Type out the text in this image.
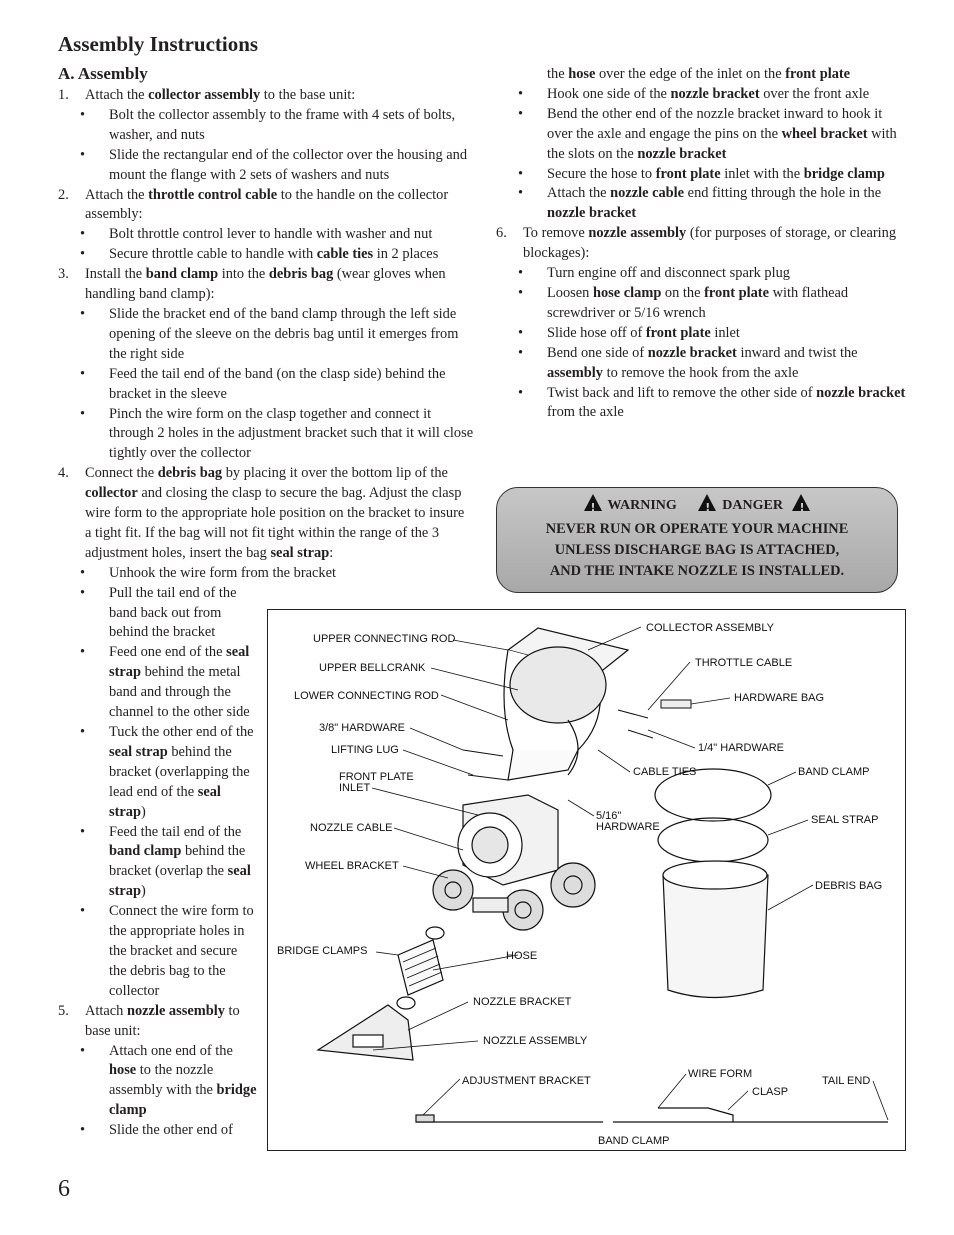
Assembly Instructions
A. Assembly
1. Attach the collector assembly to the base unit:
• Bolt the collector assembly to the frame with 4 sets of bolts, washer, and nuts
• Slide the rectangular end of the collector over the housing and mount the flange with 2 sets of washers and nuts
2. Attach the throttle control cable to the handle on the collector assembly:
• Bolt throttle control lever to handle with washer and nut
• Secure throttle cable to handle with cable ties in 2 places
3. Install the band clamp into the debris bag (wear gloves when handling band clamp):
• Slide the bracket end of the band clamp through the left side opening of the sleeve on the debris bag until it emerges from the right side
• Feed the tail end of the band (on the clasp side) behind the bracket in the sleeve
• Pinch the wire form on the clasp together and connect it through 2 holes in the adjustment bracket such that it will close tightly over the collector
4. Connect the debris bag by placing it over the bottom lip of the collector and closing the clasp to secure the bag. Adjust the clasp wire form to the appropriate hole position on the bracket to insure a tight fit. If the bag will not fit tight within the range of the 3 adjustment holes, insert the bag seal strap:
• Unhook the wire form from the bracket
• Pull the tail end of the band back out from behind the bracket
• Feed one end of the seal strap behind the metal band and through the channel to the other side
• Tuck the other end of the seal strap behind the bracket (overlapping the lead end of the seal strap)
• Feed the tail end of the band clamp behind the bracket (overlap the seal strap)
• Connect the wire form to the appropriate holes in the bracket and secure the debris bag to the collector
5. Attach nozzle assembly to base unit:
• Attach one end of the hose to the nozzle assembly with the bridge clamp
• Slide the other end of
the hose over the edge of the inlet on the front plate
• Hook one side of the nozzle bracket over the front axle
• Bend the other end of the nozzle bracket inward to hook it over the axle and engage the pins on the wheel bracket with the slots on the nozzle bracket
• Secure the hose to front plate inlet with the bridge clamp
• Attach the nozzle cable end fitting through the hole in the nozzle bracket
6. To remove nozzle assembly (for purposes of storage, or clearing blockages):
• Turn engine off and disconnect spark plug
• Loosen hose clamp on the front plate with flathead screwdriver or 5/16 wrench
• Slide hose off of front plate inlet
• Bend one side of nozzle bracket inward and twist the assembly to remove the hook from the axle
• Twist back and lift to remove the other side of nozzle bracket from the axle
! WARNING	! DANGER !
NEVER RUN OR OPERATE YOUR MACHINE
UNLESS DISCHARGE BAG IS ATTACHED,
AND THE INTAKE NOZZLE IS INSTALLED.
UPPER CONNECTING ROD
UPPER BELLCRANK
LOWER CONNECTING ROD
3/8" HARDWARE
LIFTING LUG
FRONT PLATE
INLET
NOZZLE CABLE
WHEEL BRACKET
BRIDGE CLAMPS	HOSE
NOZZLE BRACKET
NOZZLE ASSEMBLY
ADJUSTMENT BRACKET
COLLECTOR ASSEMBLY
THROTTLE CABLE
HARDWARE BAG
1/4" HARDWARE
CABLE TIES
5/16"
HARDWARE
BAND CLAMP
SEAL STRAP
DEBRIS BAG
WIRE FORM
CLASP
TAIL END
BAND CLAMP
6
